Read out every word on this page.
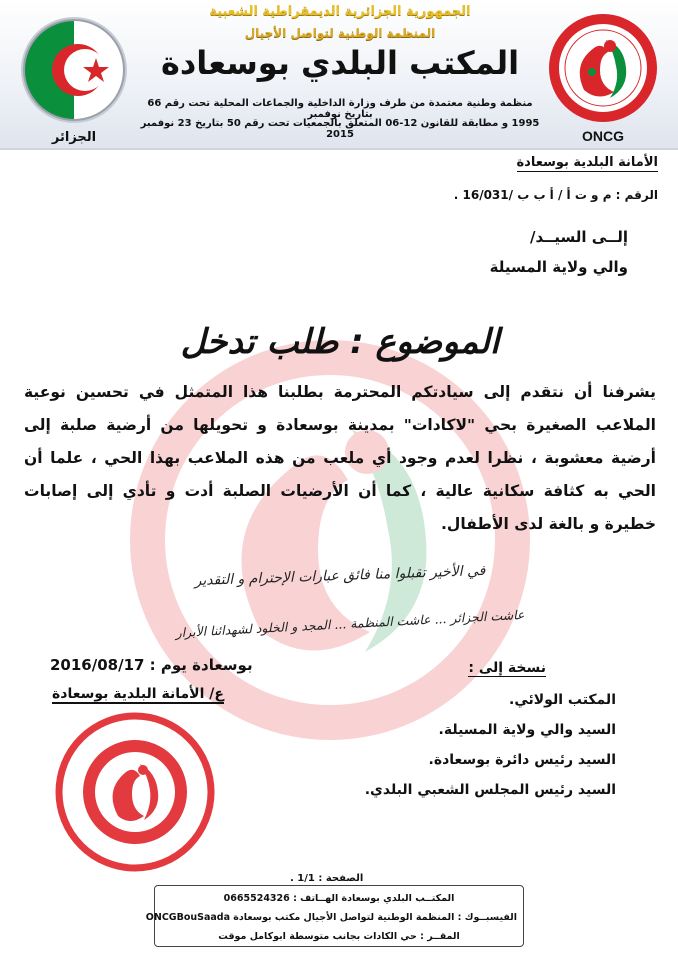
الجزائر
الجمهورية الجزائرية الديمقراطية الشعبية
المنظمة الوطنية لتواصل الأجيال
المكتب البلدي بوسعادة
منظمة وطنية معتمدة من طرف وزارة الداخلية والجماعات المحلية تحت رقم 66 بتاريخ نوفمبر
1995 و مطابقة للقانون 12-06 المتعلق بالجمعيات تحت رقم 50 بتاريخ 23 نوفمبر 2015	ONCG
الأمانة البلدية بوسعادة
الرقم : م و ت أ / أ ب ب /16/031 .
إلــى السيــد/
والي ولاية المسيلة
الموضوع : طلب تدخل
يشرفنا أن نتقدم إلى سيادتكم المحترمة بطلبنا هذا المتمثل في تحسين نوعية الملاعب الصغيرة بحي "لاكادات" بمدينة بوسعادة و تحويلها من أرضية صلبة إلى أرضية معشوبة ، نظرا لعدم وجود أي ملعب من هذه الملاعب بهذا الحي ، علما أن الحي به كثافة سكانية عالية ، كما أن الأرضيات الصلبة أدت و تأدي إلى إصابات خطيرة و بالغة لدى الأطفال.
في الأخير تقبلوا منا فائق عبارات الإحترام و التقدير
عاشت الجزائر ... عاشت المنظمة ... المجد و الخلود لشهدائنا الأبرار
نسخة إلى :
المكتب الولائي.
السيد والي ولاية المسيلة.
السيد رئيس دائرة بوسعادة.
السيد رئيس المجلس الشعبي البلدي.
بوسعادة يوم : 2016/08/17
ع/ الأمانة البلدية بوسعادة
الصفحة : 1/1 .
المكتــب البلدي بوسعادة الهــاتف : 0665524326
الفيسبــوك : المنظمة الوطنية لتواصل الأجيال مكتب بوسعادة ONCGBouSaada
المقــر : حي الكادات بجانب متوسطة ابوكامل موقت
